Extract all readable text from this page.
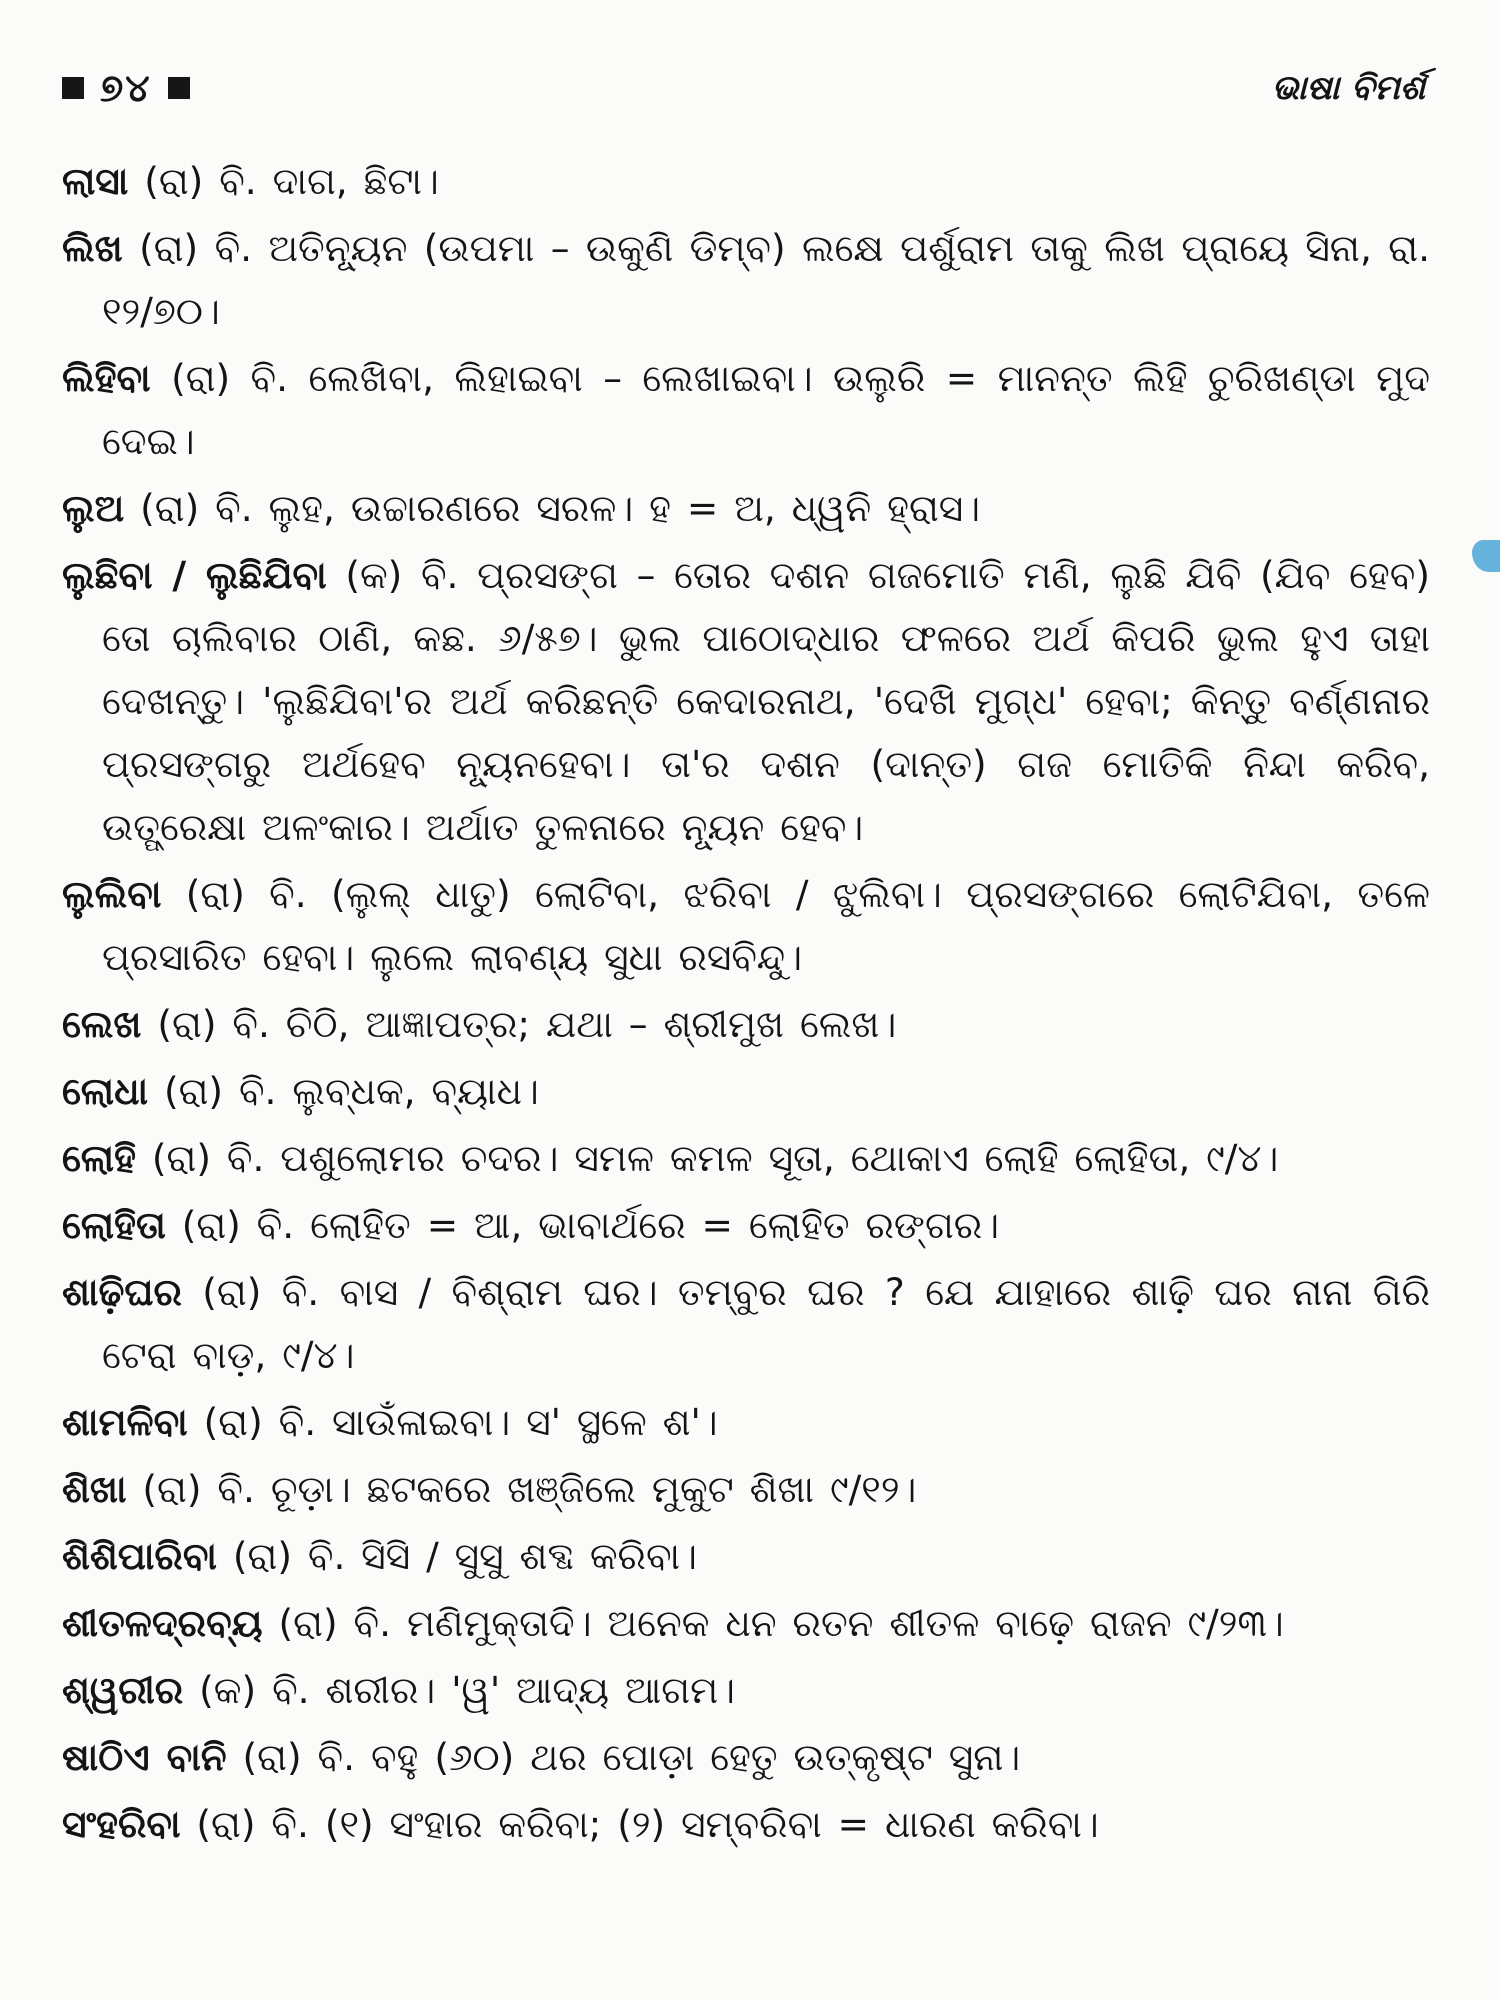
୭୪	ଭାଷା ବିମର୍ଶ

ଲାସା (ରା) ବି. ଦାଗ, ଛିଟା।

ଲିଖ (ରା) ବି. ଅତିନ୍ୟୂନ (ଉପମା – ଉକୁଣି ଡିମ୍ବ) ଲକ୍ଷେ ପର୍ଶୁରାମ ତାକୁ ଲିଖ ପ୍ରାୟେ ସିନା, ରା. ୧୨/୭୦।

ଲିହିବା (ରା) ବି. ଲେଖିବା, ଲିହାଇବା – ଲେଖାଇବା। ଉଲୁରି = ମାନନ୍ତ ଲିହି ଚୁରିଖଣ୍ଡା ମୁଦ ଦେଇ।

ଲୁଅ (ରା) ବି. ଲୁହ, ଉଚ୍ଚାରଣରେ ସରଳ। ହ = ଅ, ଧ୍ୱନି ହ୍ରାସ।

ଲୁଛିବା / ଲୁଛିଯିବା (କ) ବି. ପ୍ରସଙ୍ଗ – ତୋର ଦଶନ ଗଜମୋତି ମଣି, ଲୁଛି ଯିବି (ଯିବ ହେବ) ତୋ ଚାଲିବାର ଠାଣି, କଛ. ୬/୫୭। ଭୁଲ ପାଠୋଦ୍ଧାର ଫଳରେ ଅର୍ଥ କିପରି ଭୁଲ ହୁଏ ତାହା ଦେଖନ୍ତୁ। 'ଲୁଛିଯିବା'ର ଅର୍ଥ କରିଛନ୍ତି କେଦାରନାଥ, 'ଦେଖି ମୁଗ୍ଧ' ହେବା; କିନ୍ତୁ ବର୍ଣ୍ଣନାର ପ୍ରସଙ୍ଗରୁ ଅର୍ଥହେବ ନ୍ୟୂନହେବା। ତା'ର ଦଶନ (ଦାନ୍ତ) ଗଜ ମୋତିକି ନିନ୍ଦା କରିବ, ଉତ୍ପ୍ରେକ୍ଷା ଅଳଂକାର। ଅର୍ଥାତ ତୁଳନାରେ ନ୍ୟୂନ ହେବ।

ଲୁଲିବା (ରା) ବି. (ଲୁଲ୍ ଧାତୁ) ଲୋଟିବା, ଝରିବା / ଝୁଲିବା। ପ୍ରସଙ୍ଗରେ ଲୋଟିଯିବା, ତଳେ ପ୍ରସାରିତ ହେବା। ଲୁଲେ ଲାବଣ୍ୟ ସୁଧା ରସବିନ୍ଦୁ।

ଲେଖ (ରା) ବି. ଚିଠି, ଆଜ୍ଞାପତ୍ର; ଯଥା – ଶ୍ରୀମୁଖ ଲେଖ।

ଲୋଧା (ରା) ବି. ଲୁବ୍ଧକ, ବ୍ୟାଧ।

ଲୋହି (ରା) ବି. ପଶୁଲୋମର ଚଦର। ସମଳ କମଳ ସୂତା, ଥୋକାଏ ଲୋହି ଲୋହିତା, ୯/୪।

ଲୋହିତା (ରା) ବି. ଲୋହିତ = ଆ, ଭାବାର୍ଥରେ = ଲୋହିତ ରଙ୍ଗର।

ଶାଢ଼ିଘର (ରା) ବି. ବାସ / ବିଶ୍ରାମ ଘର। ତମ୍ବୁର ଘର ? ଯେ ଯାହାରେ ଶାଢ଼ି ଘର ନାନା ଗିରି ଟେରା ବାଡ଼, ୯/୪।

ଶାମଳିବା (ରା) ବି. ସାଉଁଳାଇବା। ସ' ସ୍ଥଳେ ଶ'।

ଶିଖା (ରା) ବି. ଚୂଡ଼ା। ଛଟକରେ ଖଞ୍ଜିଲେ ମୁକୁଟ ଶିଖା ୯/୧୨।

ଶିଶିପାରିବା (ରା) ବି. ସିସି / ସୁସୁ ଶବ୍ଦ କରିବା।

ଶୀତଳଦ୍ରବ୍ୟ (ରା) ବି. ମଣିମୁକ୍ତାଦି। ଅନେକ ଧନ ରତନ ଶୀତଳ ବାଢ଼େ ରାଜନ ୯/୨୩।

ଶ୍ୱରୀର (କ) ବି. ଶରୀର। 'ୱ' ଆଦ୍ୟ ଆଗମ।

ଷାଠିଏ ବାନି (ରା) ବି. ବହୁ (୬୦) ଥର ପୋଡ଼ା ହେତୁ ଉତ୍କୃଷ୍ଟ ସୁନା।

ସଂହରିବା (ରା) ବି. (୧) ସଂହାର କରିବା; (୨) ସମ୍ବରିବା = ଧାରଣ କରିବା।
